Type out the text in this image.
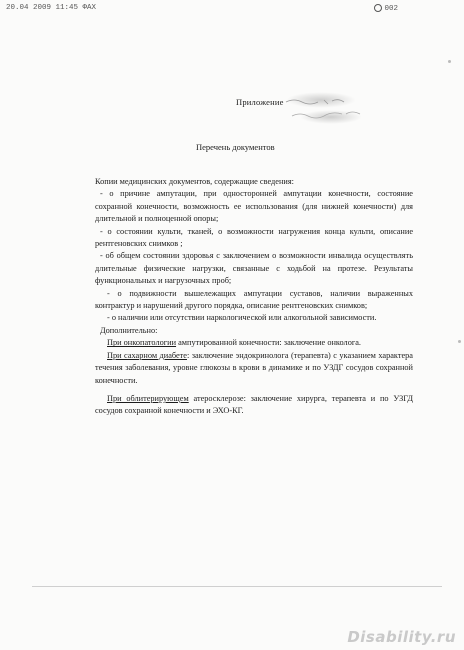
20.04 2009 11:45 ФАХ	002
Приложение
Перечень документов

Копии медицинских документов, содержащие сведения:

- о причине ампутации, при односторонней ампутации конечности, состояние сохранной конечности, возможность ее использования (для нижней конечности) для длительной и полноценной опоры;

- о состоянии культи, тканей, о возможности нагружения конца культи, описание рентгеновских снимков ;

- об общем состоянии здоровья с заключением о возможности инвалида осуществлять длительные физические нагрузки, связанные с ходьбой на протезе. Результаты функциональных и нагрузочных проб;

- о подвижности вышележащих ампутации суставов, наличии выраженных контрактур и нарушений другого порядка, описание рентгеновских снимков;

- о наличии или отсутствии наркологической или алкогольной зависимости.

Дополнительно:

При онкопатологии ампутированной конечности: заключение онколога.

При сахарном диабете: заключение эндокринолога (терапевта) с указанием характера течения заболевания, уровне глюкозы в крови в динамике и по УЗДГ сосудов сохранной конечности.

При облитерирующем атеросклерозе: заключение хирурга, терапевта и по УЗГД сосудов сохранной конечности и ЭХО-КГ.

Disability.ru
